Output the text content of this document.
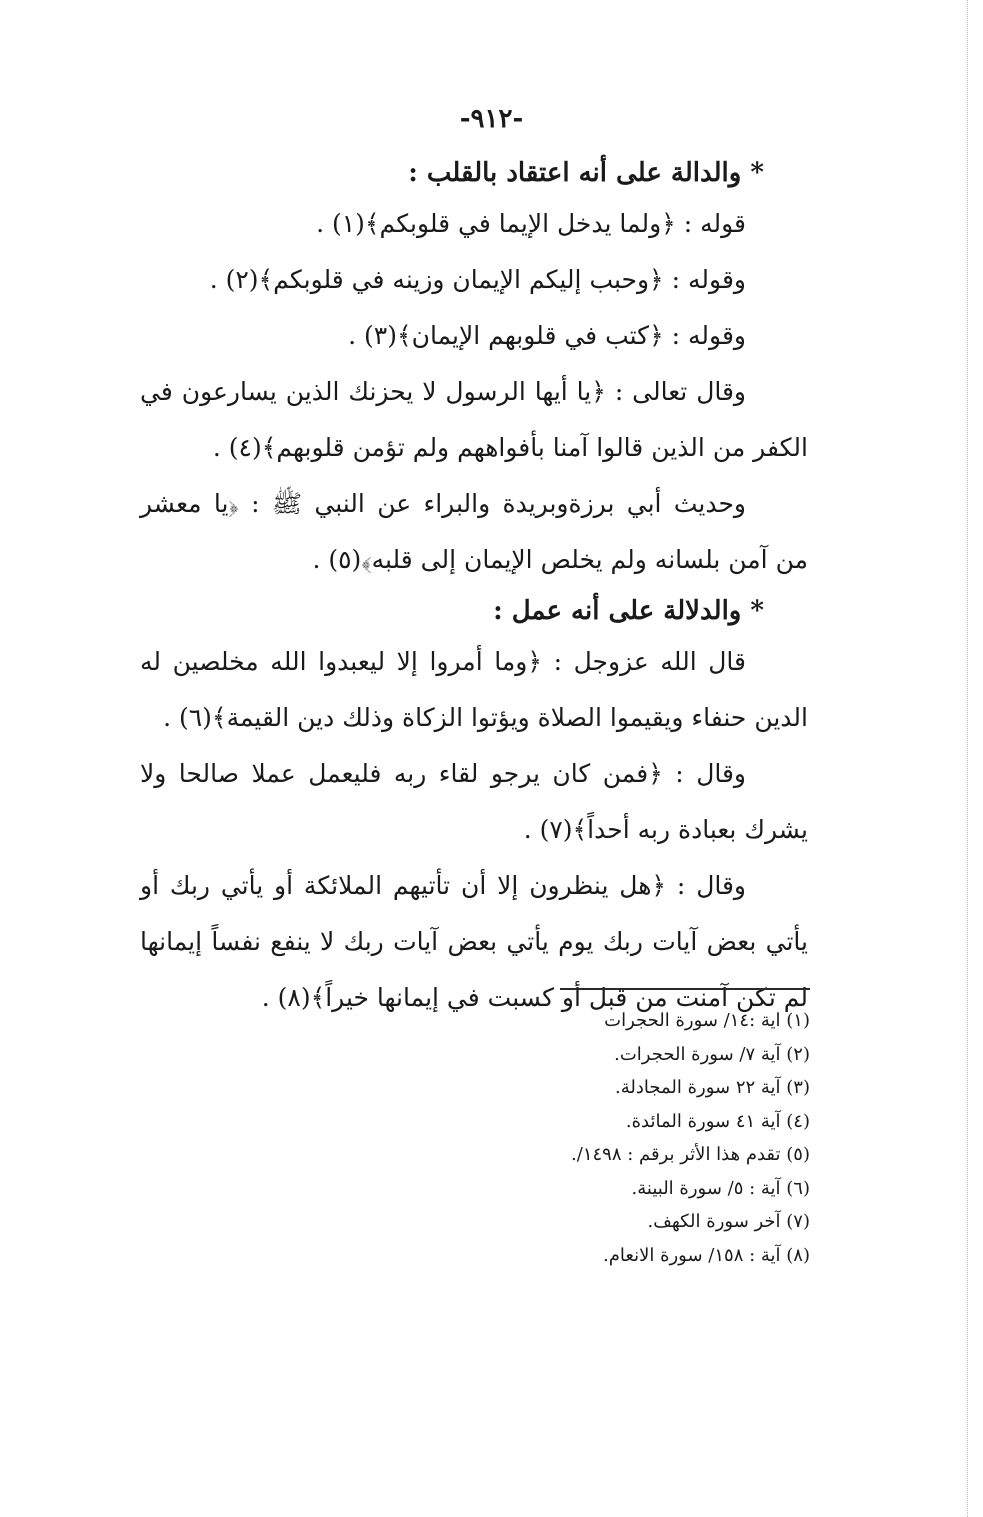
-٩١٢-

* والدالة على أنه اعتقاد بالقلب :

قوله : ﴿ولما يدخل الإيما في قلوبكم﴾(١) .

وقوله : ﴿وحبب إليكم الإيمان وزينه في قلوبكم﴾(٢) .

وقوله : ﴿كتب في قلوبهم الإيمان﴾(٣) .

وقال تعالى : ﴿يا أيها الرسول لا يحزنك الذين يسارعون في الكفر من الذين قالوا آمنا بأفواههم ولم تؤمن قلوبهم﴾(٤) .

وحديث أبي برزةوبريدة والبراء عن النبي ﷺ : ﴿يا معشر من آمن بلسانه ولم يخلص الإيمان إلى قلبه﴾(٥) .

* والدلالة على أنه عمل :

قال الله عزوجل : ﴿وما أمروا إلا ليعبدوا الله مخلصين له الدين حنفاء ويقيموا الصلاة ويؤتوا الزكاة وذلك دين القيمة﴾(٦) .

وقال : ﴿فمن كان يرجو لقاء ربه فليعمل عملا صالحا ولا يشرك بعبادة ربه أحداً﴾(٧) .

وقال : ﴿هل ينظرون إلا أن تأتيهم الملائكة أو يأتي ربك أو يأتي بعض آيات ربك يوم يأتي بعض آيات ربك لا ينفع نفساً إيمانها لم تكن آمنت من قبل أو كسبت في إيمانها خيراً﴾(٨) .

(١) اية :١٤/ سورة الحجرات

(٢) آية ٧/ سورة الحجرات.

(٣) آية ٢٢ سورة المجادلة.

(٤) آية ٤١ سورة المائدة.

(٥) تقدم هذا الأثر برقم : ١٤٩٨/.

(٦) آية : ٥/ سورة البينة.

(٧) آخر سورة الكهف.

(٨) آية : ١٥٨/ سورة الانعام.
